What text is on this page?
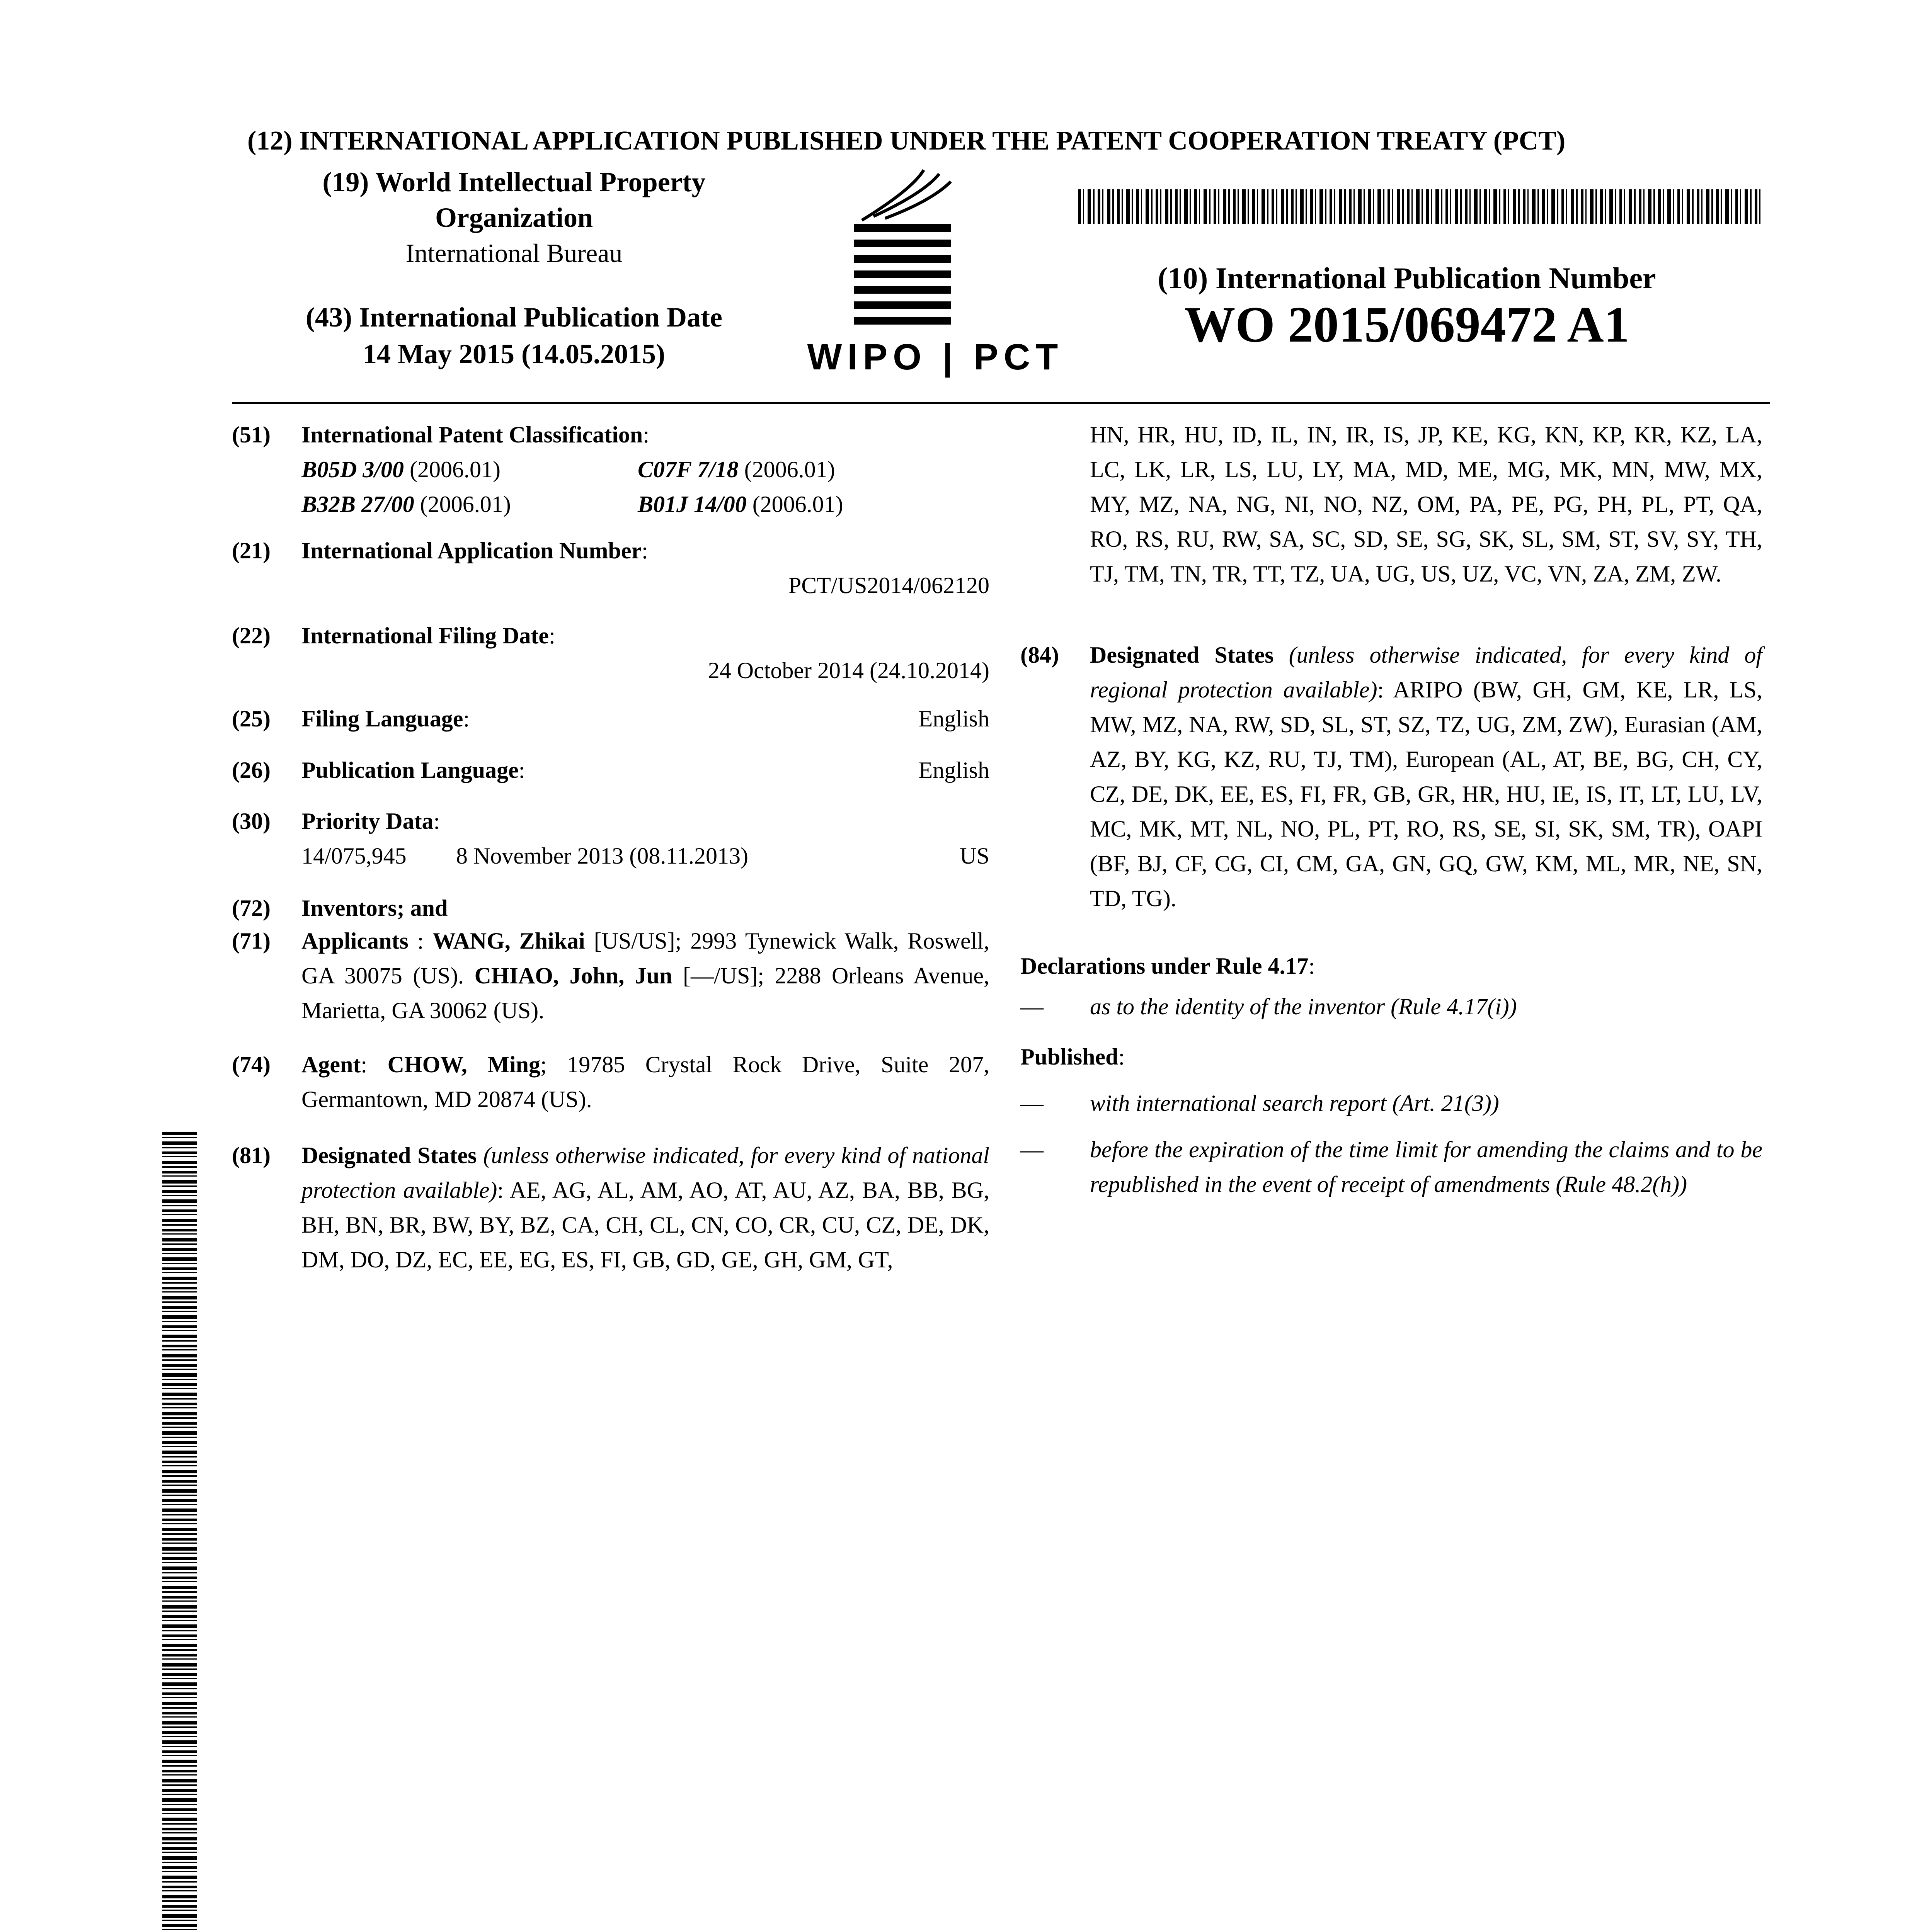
(12) INTERNATIONAL APPLICATION PUBLISHED UNDER THE PATENT COOPERATION TREATY (PCT)
(19) World Intellectual Property
Organization
International Bureau
(43) International Publication Date
14 May 2015 (14.05.2015)	WIPO | PCT
(10) International Publication Number
WO 2015/069472 A1
(51) International Patent Classification:
B05D 3/00 (2006.01)	C07F 7/18 (2006.01)
B32B 27/00 (2006.01)	B01J 14/00 (2006.01)
(21) International Application Number:
PCT/US2014/062120
(22) International Filing Date:
24 October 2014 (24.10.2014)
(25) Filing Language:	English
(26) Publication Language:	English
(30) Priority Data:
14/075,945	8 November 2013 (08.11.2013)	US
(72) Inventors; and
(71) Applicants : WANG, Zhikai [US/US]; 2993 Tynewick Walk, Roswell, GA 30075 (US). CHIAO, John, Jun [—/US]; 2288 Orleans Avenue, Marietta, GA 30062 (US).
(74) Agent: CHOW, Ming; 19785 Crystal Rock Drive, Suite 207, Germantown, MD 20874 (US).
(81) Designated States (unless otherwise indicated, for every kind of national protection available): AE, AG, AL, AM, AO, AT, AU, AZ, BA, BB, BG, BH, BN, BR, BW, BY, BZ, CA, CH, CL, CN, CO, CR, CU, CZ, DE, DK, DM, DO, DZ, EC, EE, EG, ES, FI, GB, GD, GE, GH, GM, GT,
HN, HR, HU, ID, IL, IN, IR, IS, JP, KE, KG, KN, KP, KR, KZ, LA, LC, LK, LR, LS, LU, LY, MA, MD, ME, MG, MK, MN, MW, MX, MY, MZ, NA, NG, NI, NO, NZ, OM, PA, PE, PG, PH, PL, PT, QA, RO, RS, RU, RW, SA, SC, SD, SE, SG, SK, SL, SM, ST, SV, SY, TH, TJ, TM, TN, TR, TT, TZ, UA, UG, US, UZ, VC, VN, ZA, ZM, ZW.
(84) Designated States (unless otherwise indicated, for every kind of regional protection available): ARIPO (BW, GH, GM, KE, LR, LS, MW, MZ, NA, RW, SD, SL, ST, SZ, TZ, UG, ZM, ZW), Eurasian (AM, AZ, BY, KG, KZ, RU, TJ, TM), European (AL, AT, BE, BG, CH, CY, CZ, DE, DK, EE, ES, FI, FR, GB, GR, HR, HU, IE, IS, IT, LT, LU, LV, MC, MK, MT, NL, NO, PL, PT, RO, RS, SE, SI, SK, SM, TR), OAPI (BF, BJ, CF, CG, CI, CM, GA, GN, GQ, GW, KM, ML, MR, NE, SN, TD, TG).
Declarations under Rule 4.17:
— as to the identity of the inventor (Rule 4.17(i))
Published:
— with international search report (Art. 21(3))
— before the expiration of the time limit for amending the claims and to be republished in the event of receipt of amendments (Rule 48.2(h))
